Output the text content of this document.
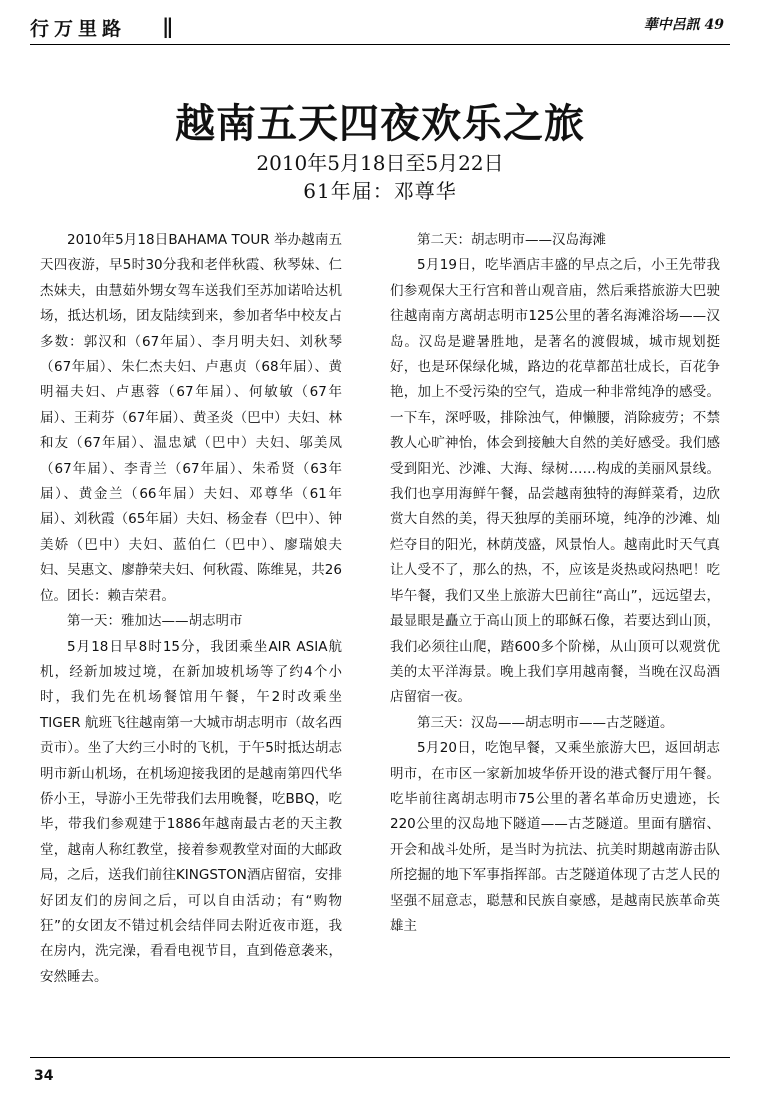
行万里路 ||	華中呂訊 49
越南五天四夜欢乐之旅
2010年5月18日至5月22日
61年届：邓尊华

2010年5月18日BAHAMA TOUR 举办越南五天四夜游，早5时30分我和老伴秋霞、秋琴妹、仁杰妹夫，由慧茹外甥女驾车送我们至苏加诺哈达机场，抵达机场，团友陆续到来，参加者华中校友占多数：郭汉和（67年届）、李月明夫妇、刘秋琴（67年届）、朱仁杰夫妇、卢惠贞（68年届）、黄明福夫妇、卢惠蓉（67年届）、何敏敏（67年届）、王莉芬（67年届）、黄圣炎（巴中）夫妇、林和友（67年届）、温忠斌（巴中）夫妇、邬美凤（67年届）、李青兰（67年届）、朱希贤（63年届）、黄金兰（66年届）夫妇、邓尊华（61年届）、刘秋霞（65年届）夫妇、杨金春（巴中）、钟美娇（巴中）夫妇、蓝伯仁（巴中）、廖瑞娘夫妇、吴惠文、廖静荣夫妇、何秋霞、陈维晃，共26位。团长：赖吉荣君。

第一天：雅加达——胡志明市

5月18日早8时15分，我团乘坐AIR ASIA航机，经新加坡过境，在新加坡机场等了约4个小时，我们先在机场餐馆用午餐，午2时改乘坐TIGER 航班飞往越南第一大城市胡志明市（故名西贡市）。坐了大约三小时的飞机，于午5时抵达胡志明市新山机场，在机场迎接我团的是越南第四代华侨小王，导游小王先带我们去用晚餐，吃BBQ，吃毕，带我们参观建于1886年越南最古老的天主教堂，越南人称红教堂，接着参观教堂对面的大邮政局，之后，送我们前往KINGSTON酒店留宿，安排好团友们的房间之后，可以自由活动；有“购物狂”的女团友不错过机会结伴同去附近夜市逛，我在房内，洗完澡，看看电视节目，直到倦意袭来，安然睡去。

第二天：胡志明市——汉岛海滩

5月19日，吃毕酒店丰盛的早点之后，小王先带我们参观保大王行宫和普山观音庙，然后乘搭旅游大巴驶往越南南方离胡志明市125公里的著名海滩浴场——汉岛。汉岛是避暑胜地，是著名的渡假城，城市规划挺好，也是环保绿化城，路边的花草都茁壮成长，百花争艳，加上不受污染的空气，造成一种非常纯净的感受。一下车，深呼吸，排除浊气，伸懒腰，消除疲劳；不禁教人心旷神怡，体会到接触大自然的美好感受。我们感受到阳光、沙滩、大海、绿树……构成的美丽风景线。我们也享用海鲜午餐，品尝越南独特的海鲜菜肴，边欣赏大自然的美，得天独厚的美丽环境，纯净的沙滩、灿烂夺目的阳光，林荫茂盛，风景怡人。越南此时天气真让人受不了，那么的热，不，应该是炎热或闷热吧！吃毕午餐，我们又坐上旅游大巴前往“高山”，远远望去，最显眼是矗立于高山顶上的耶稣石像，若要达到山顶，我们必须往山爬，踏600多个阶梯，从山顶可以观赏优美的太平洋海景。晚上我们享用越南餐，当晚在汉岛酒店留宿一夜。

第三天：汉岛——胡志明市——古芝隧道。

5月20日，吃饱早餐，又乘坐旅游大巴，返回胡志明市，在市区一家新加坡华侨开设的港式餐厅用午餐。吃毕前往离胡志明市75公里的著名革命历史遗迹，长220公里的汉岛地下隧道——古芝隧道。里面有膳宿、开会和战斗处所，是当时为抗法、抗美时期越南游击队所挖掘的地下军事指挥部。古芝隧道体现了古芝人民的坚强不屈意志，聪慧和民族自豪感，是越南民族革命英雄主

34
